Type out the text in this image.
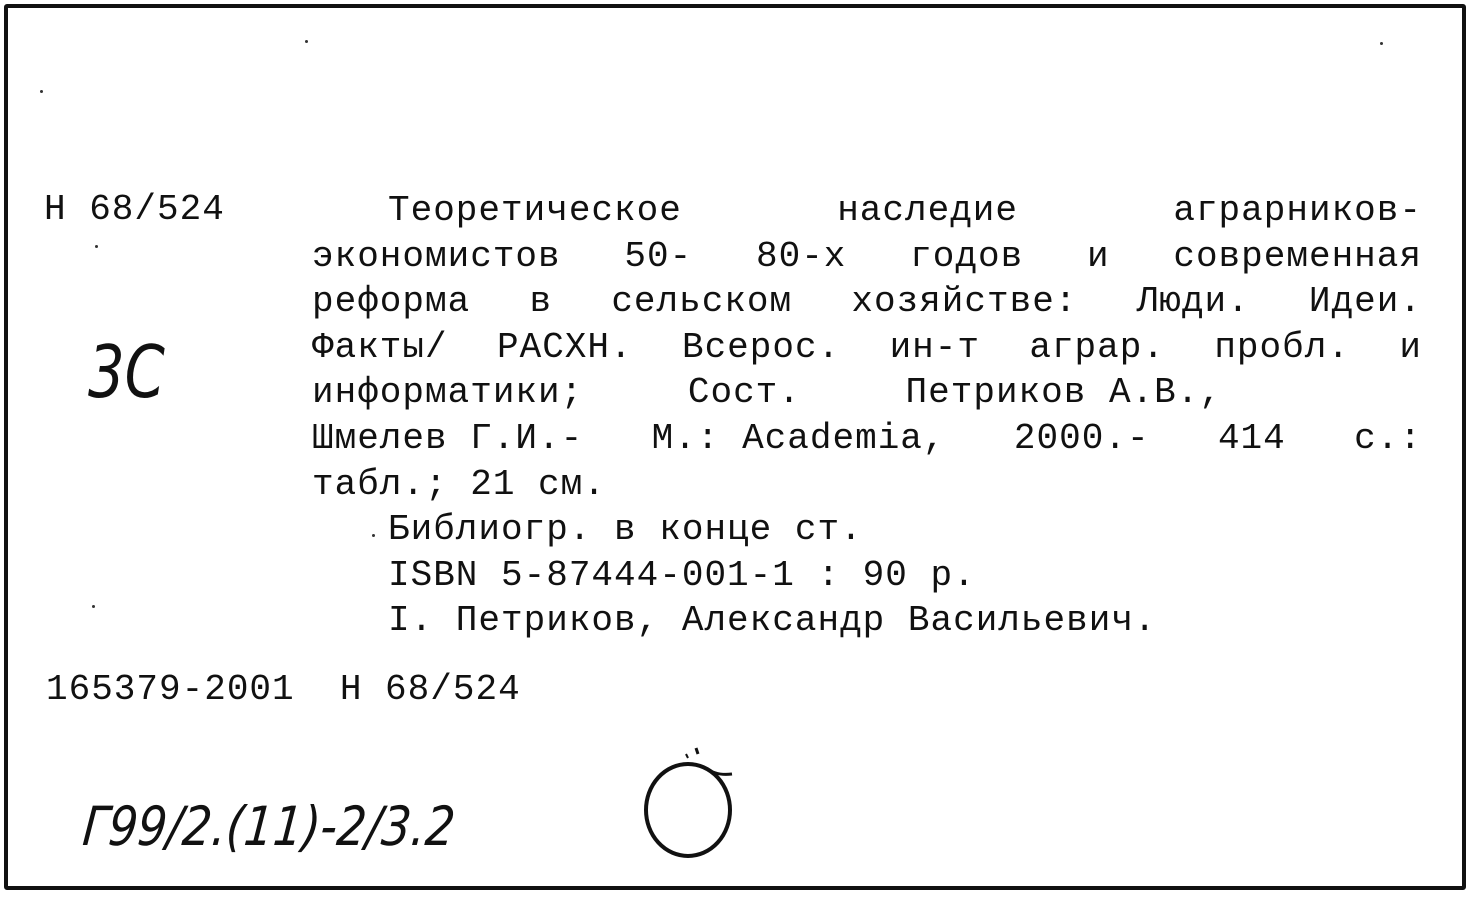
Н 68/524	Теоретическое	наследие	аграрников-
экономистов 50- 80-х годов и современная
реформа в сельском хозяйстве: Люди. Идеи.
Факты/ РАСХН. Всерос. ин-т аграр. пробл. и
информатики;	Сост.	Петриков А.В.,
Шмелев Г.И.- М.: Academia, 2000.- 414 с.:
табл.; 21 см.
Библиогр. в конце ст.
ISBN 5-87444-001-1 : 90 р.
I. Петриков, Александр Васильевич.
165379-2001  Н 68/524
3С
Г99/2.(11)-2/3.2
